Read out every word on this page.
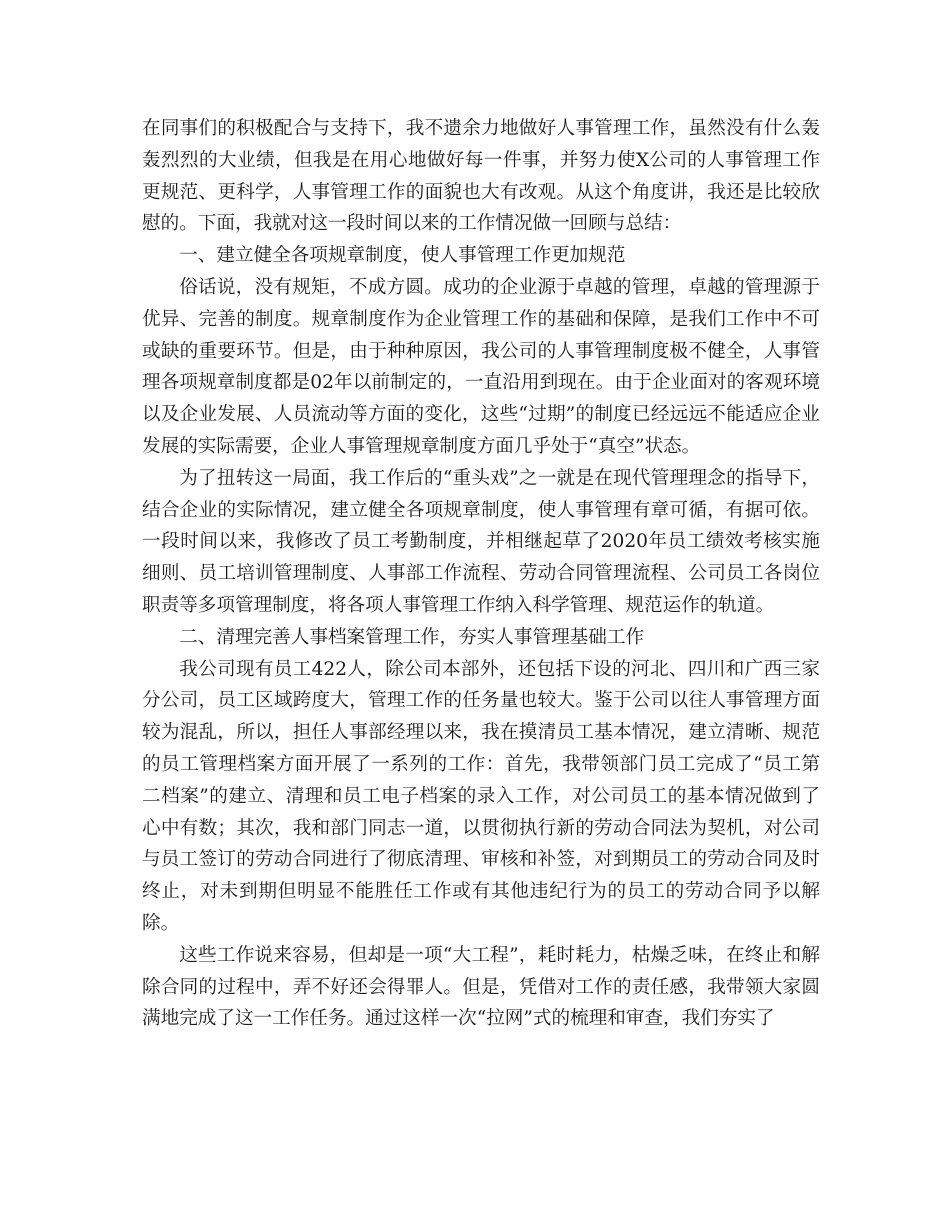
在同事们的积极配合与支持下，我不遗余力地做好人事管理工作，虽然没有什么轰轰烈烈的大业绩，但我是在用心地做好每一件事，并努力使X公司的人事管理工作更规范、更科学，人事管理工作的面貌也大有改观。从这个角度讲，我还是比较欣慰的。下面，我就对这一段时间以来的工作情况做一回顾与总结：

一、建立健全各项规章制度，使人事管理工作更加规范

俗话说，没有规矩，不成方圆。成功的企业源于卓越的管理，卓越的管理源于优异、完善的制度。规章制度作为企业管理工作的基础和保障，是我们工作中不可或缺的重要环节。但是，由于种种原因，我公司的人事管理制度极不健全，人事管理各项规章制度都是02年以前制定的，一直沿用到现在。由于企业面对的客观环境以及企业发展、人员流动等方面的变化，这些“过期”的制度已经远远不能适应企业发展的实际需要，企业人事管理规章制度方面几乎处于“真空”状态。

为了扭转这一局面，我工作后的“重头戏”之一就是在现代管理理念的指导下，结合企业的实际情况，建立健全各项规章制度，使人事管理有章可循，有据可依。一段时间以来，我修改了员工考勤制度，并相继起草了2020年员工绩效考核实施细则、员工培训管理制度、人事部工作流程、劳动合同管理流程、公司员工各岗位职责等多项管理制度，将各项人事管理工作纳入科学管理、规范运作的轨道。

二、清理完善人事档案管理工作，夯实人事管理基础工作

我公司现有员工422人，除公司本部外，还包括下设的河北、四川和广西三家分公司，员工区域跨度大，管理工作的任务量也较大。鉴于公司以往人事管理方面较为混乱，所以，担任人事部经理以来，我在摸清员工基本情况，建立清晰、规范的员工管理档案方面开展了一系列的工作：首先，我带领部门员工完成了“员工第二档案”的建立、清理和员工电子档案的录入工作，对公司员工的基本情况做到了心中有数；其次，我和部门同志一道，以贯彻执行新的劳动合同法为契机，对公司与员工签订的劳动合同进行了彻底清理、审核和补签，对到期员工的劳动合同及时终止，对未到期但明显不能胜任工作或有其他违纪行为的员工的劳动合同予以解除。

这些工作说来容易，但却是一项“大工程”，耗时耗力，枯燥乏味，在终止和解除合同的过程中，弄不好还会得罪人。但是，凭借对工作的责任感，我带领大家圆满地完成了这一工作任务。通过这样一次“拉网”式的梳理和审查，我们夯实了
